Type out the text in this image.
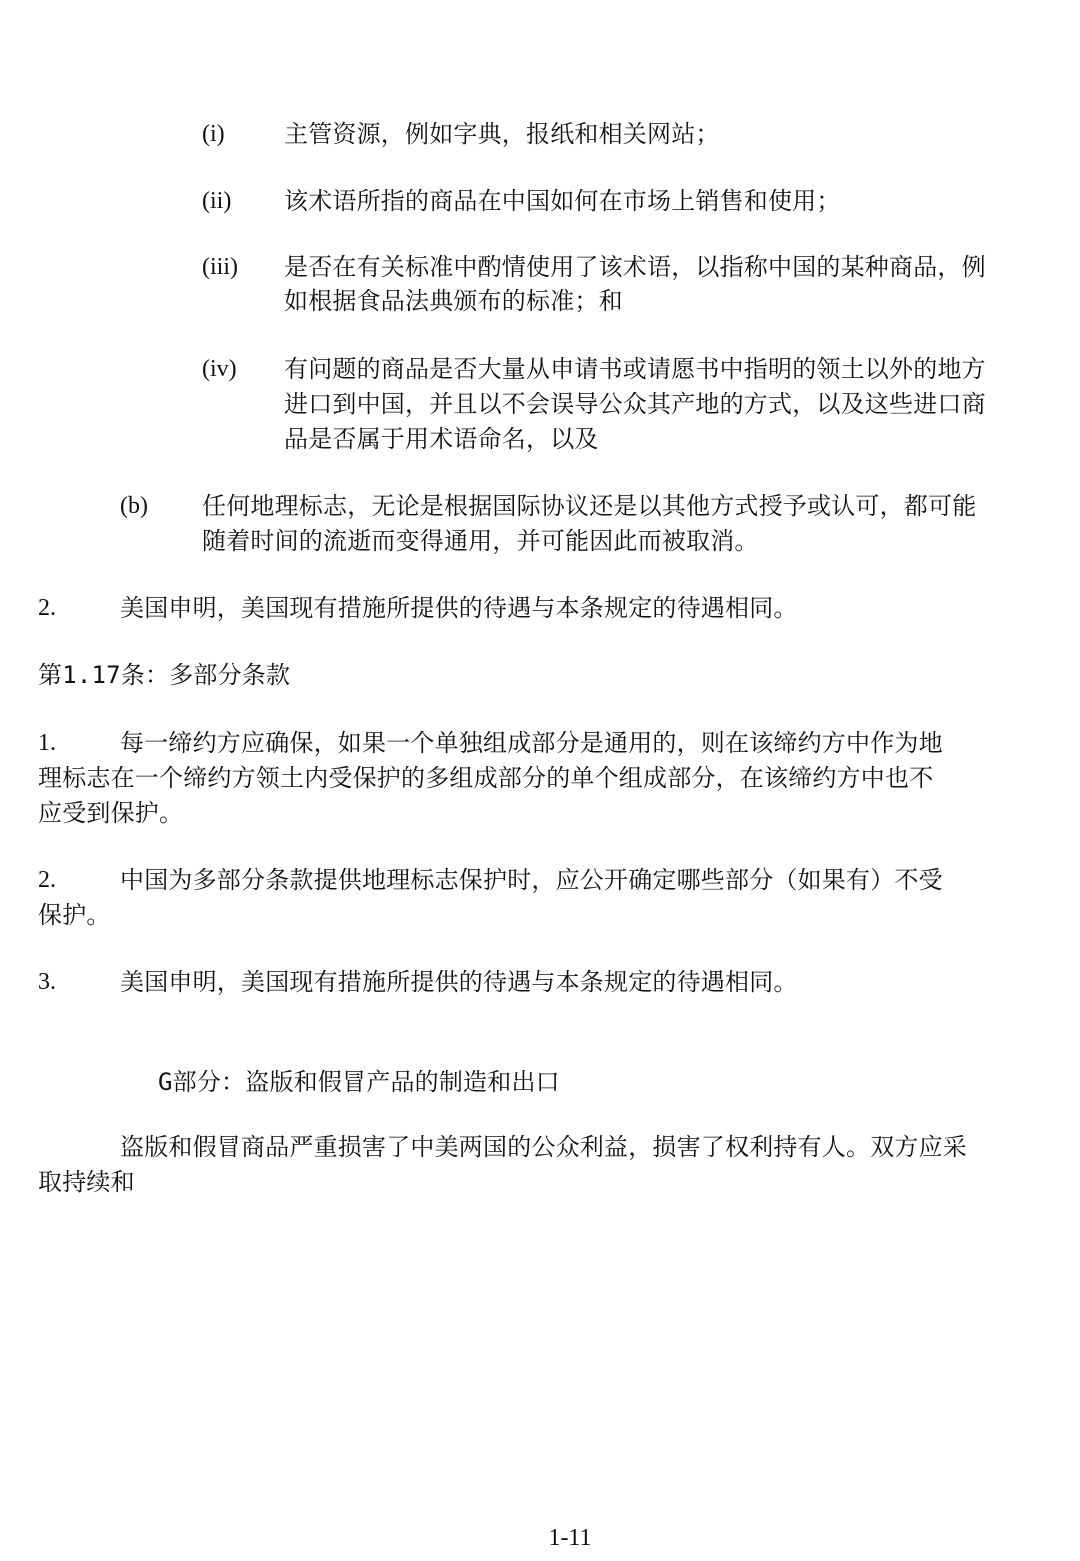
(i) 主管资源，例如字典，报纸和相关网站；
(ii) 该术语所指的商品在中国如何在市场上销售和使用；
(iii) 是否在有关标准中酌情使用了该术语，以指称中国的某种商品，例
如根据食品法典颁布的标准；和
(iv) 有问题的商品是否大量从申请书或请愿书中指明的领土以外的地方
进口到中国，并且以不会误导公众其产地的方式，以及这些进口商
品是否属于用术语命名，以及
(b) 任何地理标志，无论是根据国际协议还是以其他方式授予或认可，都可能
随着时间的流逝而变得通用，并可能因此而被取消。
2.	美国申明，美国现有措施所提供的待遇与本条规定的待遇相同。
第1.17条：多部分条款
1.	每一缔约方应确保，如果一个单独组成部分是通用的，则在该缔约方中作为地
理标志在一个缔约方领土内受保护的多组成部分的单个组成部分，在该缔约方中也不
应受到保护。
2.	中国为多部分条款提供地理标志保护时，应公开确定哪些部分（如果有）不受
保护。
3.	美国申明，美国现有措施所提供的待遇与本条规定的待遇相同。
G部分：盗版和假冒产品的制造和出口
盗版和假冒商品严重损害了中美两国的公众利益，损害了权利持有人。双方应采
取持续和
1-11
